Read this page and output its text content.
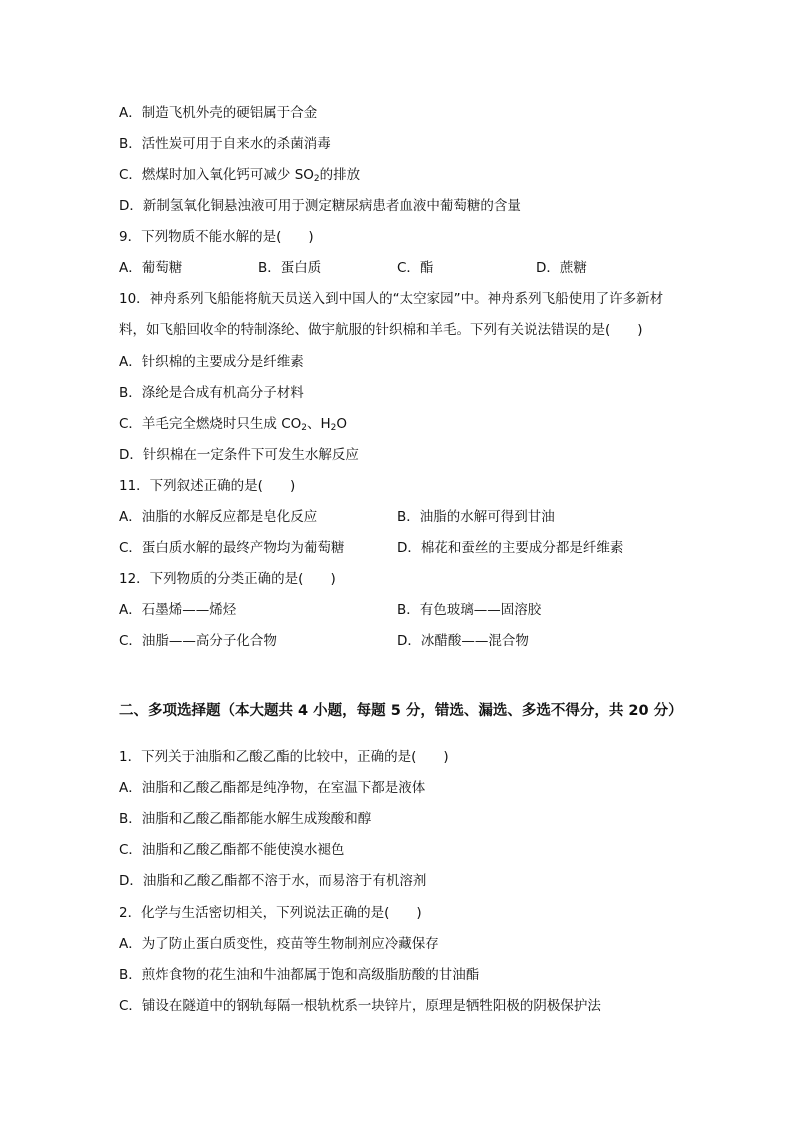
A．制造飞机外壳的硬铝属于合金
B．活性炭可用于自来水的杀菌消毒
C．燃煤时加入氧化钙可减少 $SO_2$的排放
D．新制氢氧化铜悬浊液可用于测定糖尿病患者血液中葡萄糖的含量
9．下列物质不能水解的是(　　)
A．葡萄糖	B．蛋白质	C．酯	D．蔗糖
10．神舟系列飞船能将航天员送入到中国人的“太空家园”中。神舟系列飞船使用了许多新材
料，如飞船回收伞的特制涤纶、做宇航服的针织棉和羊毛。下列有关说法错误的是(　　)
A．针织棉的主要成分是纤维素
B．涤纶是合成有机高分子材料
C．羊毛完全燃烧时只生成 $CO_2$、$H_2O$
D．针织棉在一定条件下可发生水解反应
11．下列叙述正确的是(　　)
A．油脂的水解反应都是皂化反应	B．油脂的水解可得到甘油
C．蛋白质水解的最终产物均为葡萄糖	D．棉花和蚕丝的主要成分都是纤维素
12．下列物质的分类正确的是(　　)
A．石墨烯——烯烃	B．有色玻璃——固溶胶
C．油脂——高分子化合物	D．冰醋酸——混合物
二、多项选择题（本大题共 4 小题，每题 5 分，错选、漏选、多选不得分，共 20 分）
1．下列关于油脂和乙酸乙酯的比较中，正确的是(　　)
A．油脂和乙酸乙酯都是纯净物，在室温下都是液体
B．油脂和乙酸乙酯都能水解生成羧酸和醇
C．油脂和乙酸乙酯都不能使溴水褪色
D．油脂和乙酸乙酯都不溶于水，而易溶于有机溶剂
2．化学与生活密切相关，下列说法正确的是(　　)
A．为了防止蛋白质变性，疫苗等生物制剂应冷藏保存
B．煎炸食物的花生油和牛油都属于饱和高级脂肪酸的甘油酯
C．铺设在隧道中的钢轨每隔一根轨枕系一块锌片，原理是牺牲阳极的阴极保护法
